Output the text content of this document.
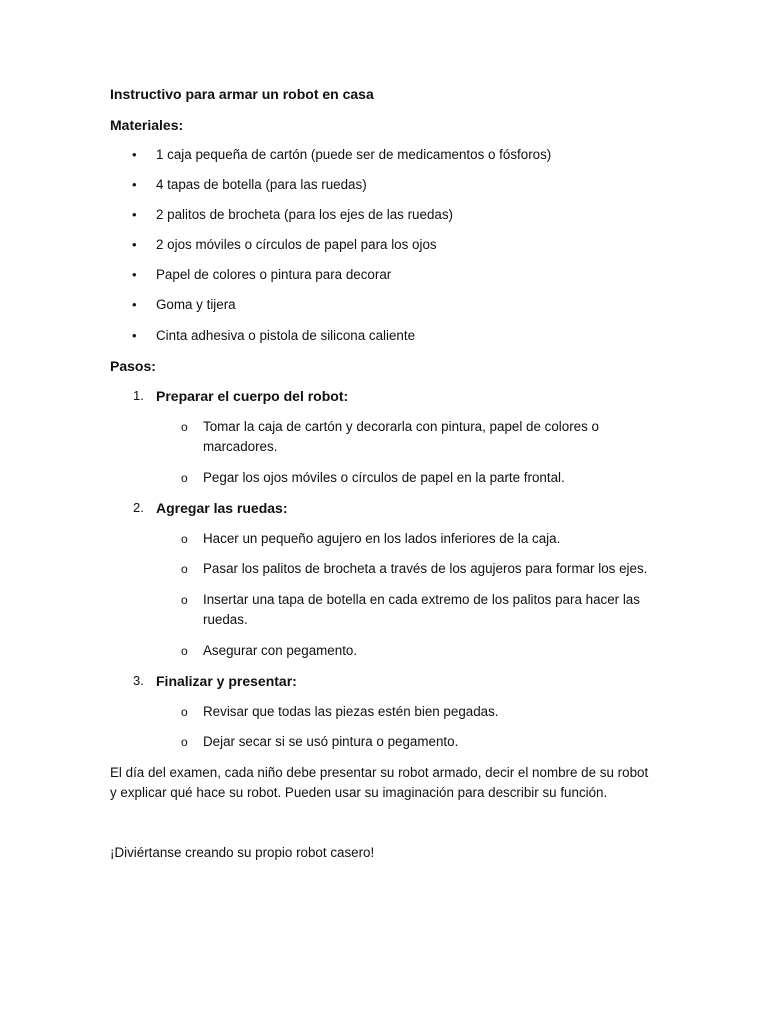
Instructivo para armar un robot en casa
Materiales:
• 1 caja pequeña de cartón (puede ser de medicamentos o fósforos)
• 4 tapas de botella (para las ruedas)
• 2 palitos de brocheta (para los ejes de las ruedas)
• 2 ojos móviles o círculos de papel para los ojos
• Papel de colores o pintura para decorar
• Goma y tijera
• Cinta adhesiva o pistola de silicona caliente
Pasos:
1. Preparar el cuerpo del robot:
o Tomar la caja de cartón y decorarla con pintura, papel de colores o marcadores.
o Pegar los ojos móviles o círculos de papel en la parte frontal.
2. Agregar las ruedas:
o Hacer un pequeño agujero en los lados inferiores de la caja.
o Pasar los palitos de brocheta a través de los agujeros para formar los ejes.
o Insertar una tapa de botella en cada extremo de los palitos para hacer las ruedas.
o Asegurar con pegamento.
3. Finalizar y presentar:
o Revisar que todas las piezas estén bien pegadas.
o Dejar secar si se usó pintura o pegamento.

El día del examen, cada niño debe presentar su robot armado, decir el nombre de su robot y explicar qué hace su robot. Pueden usar su imaginación para describir su función.

¡Diviértanse creando su propio robot casero!
